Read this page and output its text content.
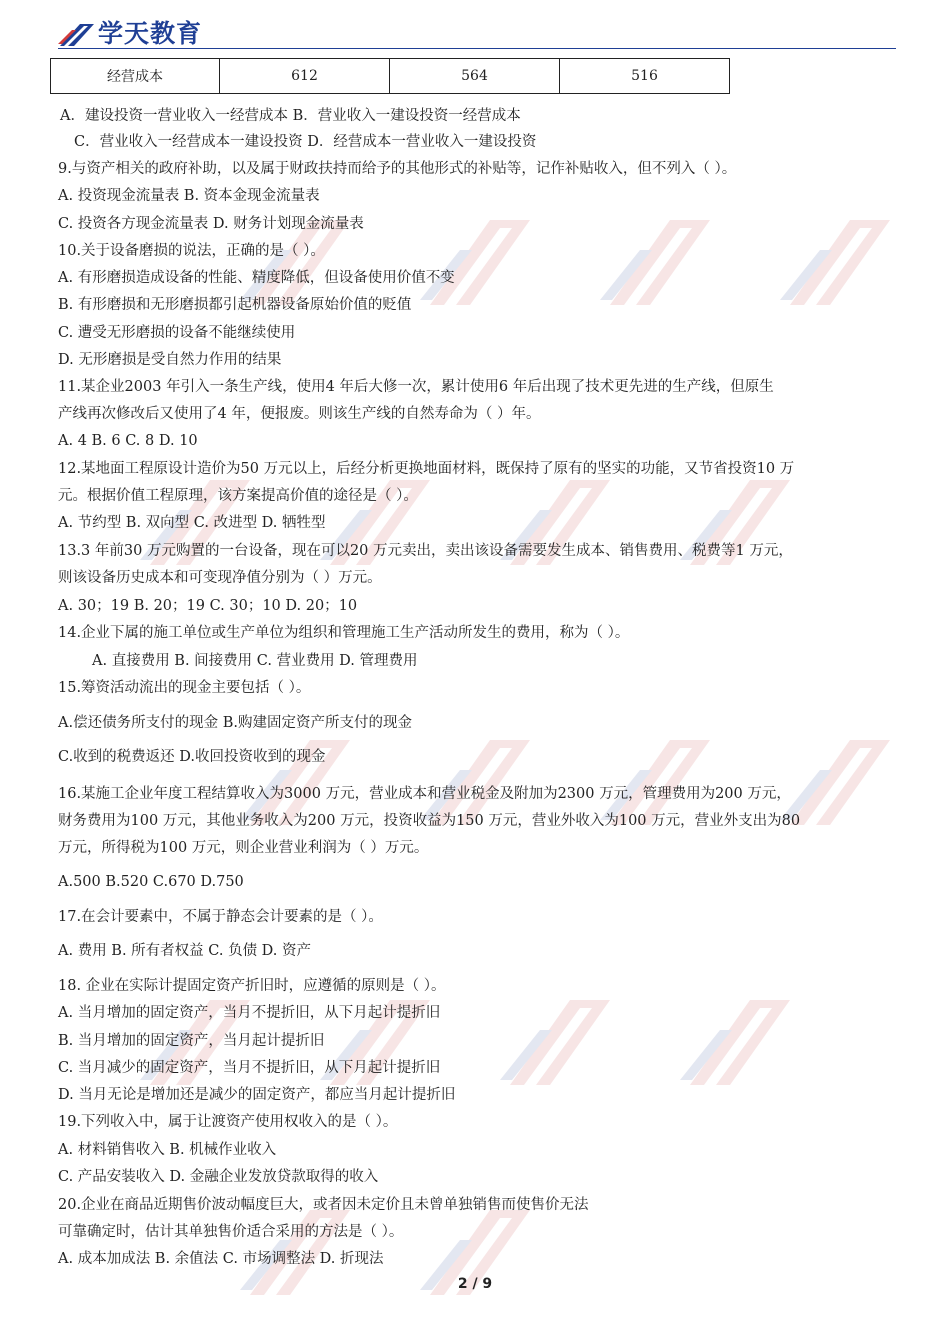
学天教育
经营成本	612	564	516
A．建设投资一营业收入一经营成本 B．营业收入一建设投资一经营成本
C．营业收入一经营成本一建设投资 D．经营成本一营业收入一建设投资
9.与资产相关的政府补助，以及属于财政扶持而给予的其他形式的补贴等，记作补贴收入，但不列入（ ）。
A. 投资现金流量表 B. 资本金现金流量表
C. 投资各方现金流量表 D. 财务计划现金流量表
10.关于设备磨损的说法，正确的是（ ）。
A. 有形磨损造成设备的性能、精度降低，但设备使用价值不变
B. 有形磨损和无形磨损都引起机器设备原始价值的贬值
C. 遭受无形磨损的设备不能继续使用
D. 无形磨损是受自然力作用的结果
11.某企业2003 年引入一条生产线，使用4 年后大修一次，累计使用6 年后出现了技术更先进的生产线，但原生
产线再次修改后又使用了4 年，便报废。则该生产线的自然寿命为（ ）年。
A. 4 B. 6 C. 8 D. 10
12.某地面工程原设计造价为50 万元以上，后经分析更换地面材料，既保持了原有的坚实的功能，又节省投资10 万
元。根据价值工程原理，该方案提高价值的途径是（ ）。
A. 节约型 B. 双向型 C. 改进型 D. 牺牲型
13.3 年前30 万元购置的一台设备，现在可以20 万元卖出，卖出该设备需要发生成本、销售费用、税费等1 万元，
则该设备历史成本和可变现净值分别为（ ）万元。
A. 30；19 B. 20；19 C. 30；10 D. 20；10
14.企业下属的施工单位或生产单位为组织和管理施工生产活动所发生的费用，称为（ ）。
A. 直接费用 B. 间接费用 C. 营业费用 D. 管理费用
15.筹资活动流出的现金主要包括（ ）。
A.偿还债务所支付的现金 B.购建固定资产所支付的现金
C.收到的税费返还 D.收回投资收到的现金
16.某施工企业年度工程结算收入为3000 万元，营业成本和营业税金及附加为2300 万元，管理费用为200 万元，
财务费用为100 万元，其他业务收入为200 万元，投资收益为150 万元，营业外收入为100 万元，营业外支出为80
万元，所得税为100 万元，则企业营业利润为（ ）万元。
A.500 B.520 C.670 D.750
17.在会计要素中，不属于静态会计要素的是（ ）。
A. 费用 B. 所有者权益 C. 负债 D. 资产
18. 企业在实际计提固定资产折旧时，应遵循的原则是（ ）。
A. 当月增加的固定资产，当月不提折旧，从下月起计提折旧
B. 当月增加的固定资产，当月起计提折旧
C. 当月减少的固定资产，当月不提折旧，从下月起计提折旧
D. 当月无论是增加还是减少的固定资产，都应当月起计提折旧
19.下列收入中，属于让渡资产使用权收入的是（ ）。
A. 材料销售收入 B. 机械作业收入
C. 产品安装收入 D. 金融企业发放贷款取得的收入
20.企业在商品近期售价波动幅度巨大，或者因未定价且未曾单独销售而使售价无法
可靠确定时，估计其单独售价适合采用的方法是（ ）。
A. 成本加成法 B. 余值法 C. 市场调整法 D. 折现法
2 / 9
